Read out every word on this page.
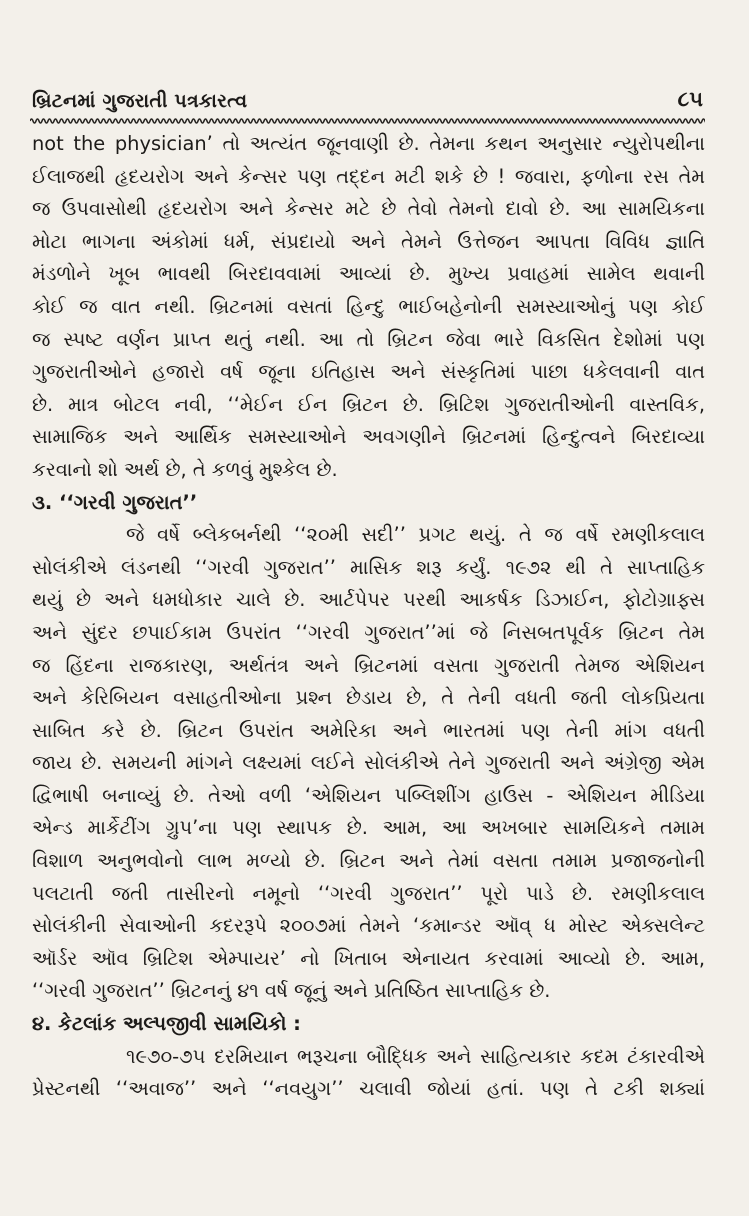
બ્રિટનમાં ગુજરાતી પત્રકારત્વ	૮૫
not the physician’ તો અત્યંત જૂનવાણી છે. તેમના કથન અનુસાર ન્યુરોપથીના
ઈલાજથી હૃદયરોગ અને કેન્સર પણ તદ્દન મટી શકે છે ! જવારા, ફળોના રસ તેમ
જ ઉપવાસોથી હૃદયરોગ અને કેન્સર મટે છે તેવો તેમનો દાવો છે. આ સામયિકના
મોટા ભાગના અંકોમાં ધર્મ, સંપ્રદાયો અને તેમને ઉત્તેજન આપતા વિવિધ જ્ઞાતિ
મંડળોને ખૂબ ભાવથી બિરદાવવામાં આવ્યાં છે. મુખ્ય પ્રવાહમાં સામેલ થવાની
કોઈ જ વાત નથી. બ્રિટનમાં વસતાં હિન્દુ ભાઈબહેનોની સમસ્યાઓનું પણ કોઈ
જ સ્પષ્ટ વર્ણન પ્રાપ્ત થતું નથી. આ તો બ્રિટન જેવા ભારે વિકસિત દેશોમાં પણ
ગુજરાતીઓને હજારો વર્ષ જૂના ઇતિહાસ અને સંસ્કૃતિમાં પાછા ધકેલવાની વાત
છે. માત્ર બોટલ નવી, ‘‘મેઈન ઈન બ્રિટન છે. બ્રિટિશ ગુજરાતીઓની વાસ્તવિક,
સામાજિક અને આર્થિક સમસ્યાઓને અવગણીને બ્રિટનમાં હિન્દુત્વને બિરદાવ્યા
કરવાનો શો અર્થ છે, તે કળવું મુશ્કેલ છે.
૩. ‘‘ગરવી ગુજરાત’’
જે વર્ષે બ્લેકબર્નથી ‘‘૨૦મી સદી’’ પ્રગટ થયું. તે જ વર્ષે રમણીકલાલ
સોલંકીએ લંડનથી ‘‘ગરવી ગુજરાત’’ માસિક શરૂ કર્યું. ૧૯૭૨ થી તે સાપ્તાહિક
થયું છે અને ધમધોકાર ચાલે છે. આર્ટપેપર પરથી આકર્ષક ડિઝાઈન, ફોટોગ્રાફ્સ
અને સુંદર છપાઈકામ ઉપરાંત ‘‘ગરવી ગુજરાત’’માં જે નિસબતપૂર્વક બ્રિટન તેમ
જ હિંદના રાજકારણ, અર્થતંત્ર અને બ્રિટનમાં વસતા ગુજરાતી તેમજ એશિયન
અને કેરિબિયન વસાહતીઓના પ્રશ્ન છેડાય છે, તે તેની વધતી જતી લોકપ્રિયતા
સાબિત કરે છે. બ્રિટન ઉપરાંત અમેરિકા અને ભારતમાં પણ તેની માંગ વધતી
જાય છે. સમયની માંગને લક્ષ્યમાં લઈને સોલંકીએ તેને ગુજરાતી અને અંગ્રેજી એમ
દ્વિભાષી બનાવ્યું છે. તેઓ વળી ‘એશિયન પબ્લિશીંગ હાઉસ - એશિયન મીડિયા
એન્ડ માર્કેટીંગ ગ્રુપ’ના પણ સ્થાપક છે. આમ, આ અખબાર સામયિકને તમામ
વિશાળ અનુભવોનો લાભ મળ્યો છે. બ્રિટન અને તેમાં વસતા તમામ પ્રજાજનોની
પલટાતી જતી તાસીરનો નમૂનો ‘‘ગરવી ગુજરાત’’ પૂરો પાડે છે. રમણીકલાલ
સોલંકીની સેવાઓની કદરરૂપે ૨૦૦૭માં તેમને ‘કમાન્ડર ઑવ્ ધ મોસ્ટ એક્સલેન્ટ
ઑર્ડર ઑવ બ્રિટિશ એમ્પાયર’ નો ખિતાબ એનાયત કરવામાં આવ્યો છે. આમ,
‘‘ગરવી ગુજરાત’’ બ્રિટનનું ૪૧ વર્ષ જૂનું અને પ્રતિષ્ઠિત સાપ્તાહિક છે.
૪. કેટલાંક અલ્પજીવી સામયિકો :
૧૯૭૦-૭૫ દરમિયાન ભરૂચના બૌદ્ધિક અને સાહિત્યકાર કદમ ટંકારવીએ
પ્રેસ્ટનથી ‘‘અવાજ’’ અને ‘‘નવયુગ’’ ચલાવી જોયાં હતાં. પણ તે ટકી શક્યાં
